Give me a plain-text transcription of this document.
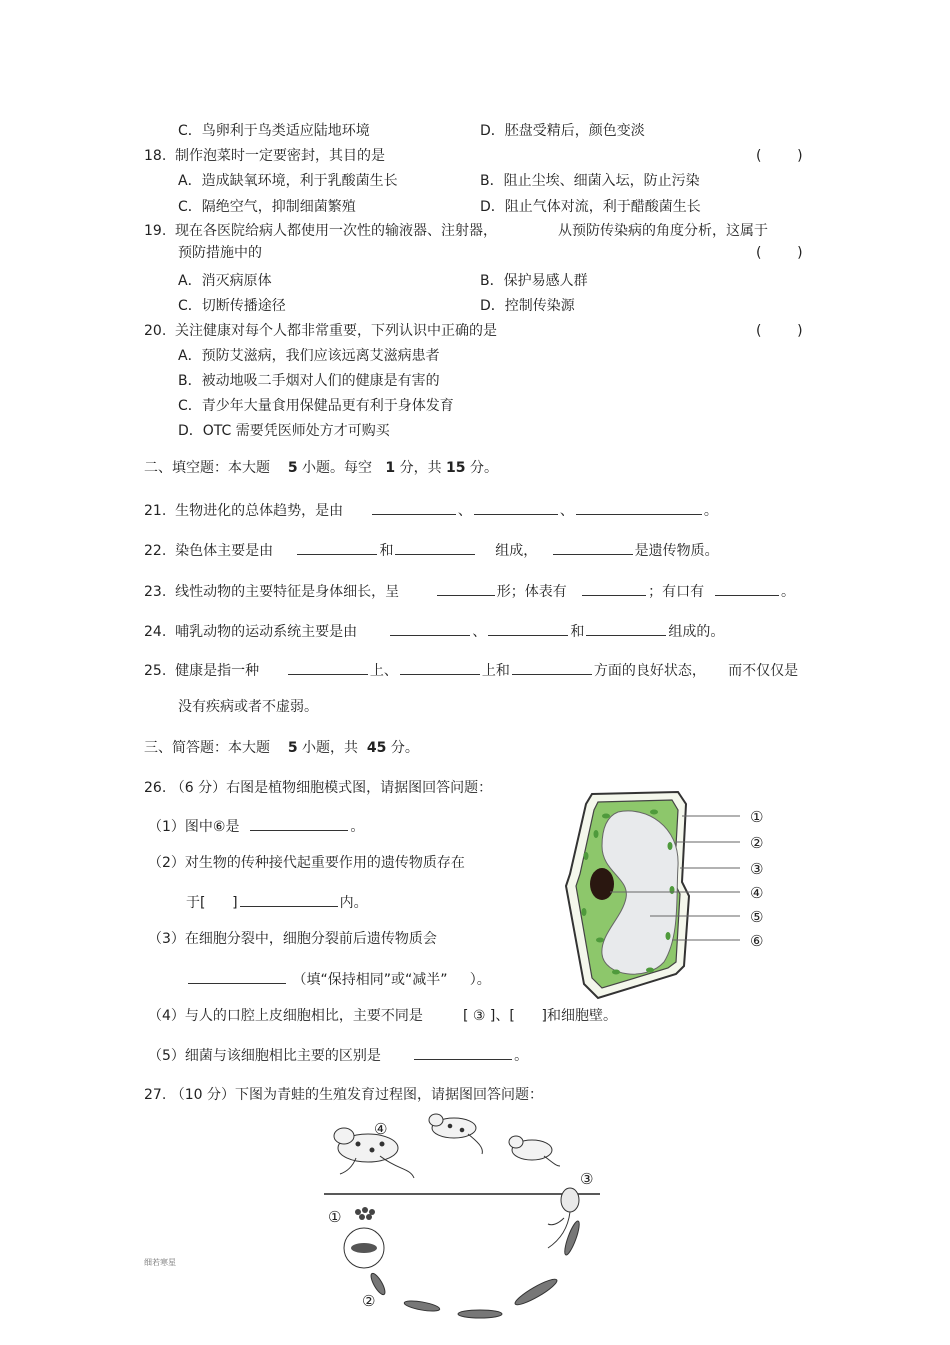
C．鸟卵利于鸟类适应陆地环境	D．胚盘受精后，颜色变淡
18. 制作泡菜时一定要密封，其目的是	(        )
A．造成缺氧环境，利于乳酸菌生长	B．阻止尘埃、细菌入坛，防止污染
C．隔绝空气，抑制细菌繁殖	D．阻止气体对流，利于醋酸菌生长
19. 现在各医院给病人都使用一次性的输液器、注射器，	从预防传染病的角度分析，这属于
预防措施中的	(        )
A．消灭病原体	B．保护易感人群
C．切断传播途径	D．控制传染源
20. 关注健康对每个人都非常重要，下列认识中正确的是	(        )
A．预防艾滋病，我们应该远离艾滋病患者
B．被动地吸二手烟对人们的健康是有害的
C．青少年大量食用保健品更有利于身体发育
D．OTC 需要凭医师处方才可购买
二、填空题：本大题 5 小题。每空 1 分，共 15 分。
21. 生物进化的总体趋势，是由	、	、	。
22. 染色体主要是由	和	组成，	是遗传物质。
23. 线性动物的主要特征是身体细长，呈	形；体表有	；有口有	。
24. 哺乳动物的运动系统主要是由	、	和	组成的。
25. 健康是指一种	上、	上和	方面的良好状态， 而不仅仅是
没有疾病或者不虚弱。
三、简答题：本大题 5 小题，共 45 分。
26. （6 分）右图是植物细胞模式图，请据图回答问题：
（1）图中⑥是	。
（2）对生物的传种接代起重要作用的遗传物质存在
于[ ]	内。
（3）在细胞分裂中，细胞分裂前后遗传物质会
（填“保持相同”或“减半” ）。
（4）与人的口腔上皮细胞相比，主要不同是	[ ③ ]、[ ]和细胞壁。
（5）细菌与该细胞相比主要的区别是	。
①
②
③
④
⑤
⑥
27. （10 分）下图为青蛙的生殖发育过程图，请据图回答问题：
①
②
③
④
细若寒星
